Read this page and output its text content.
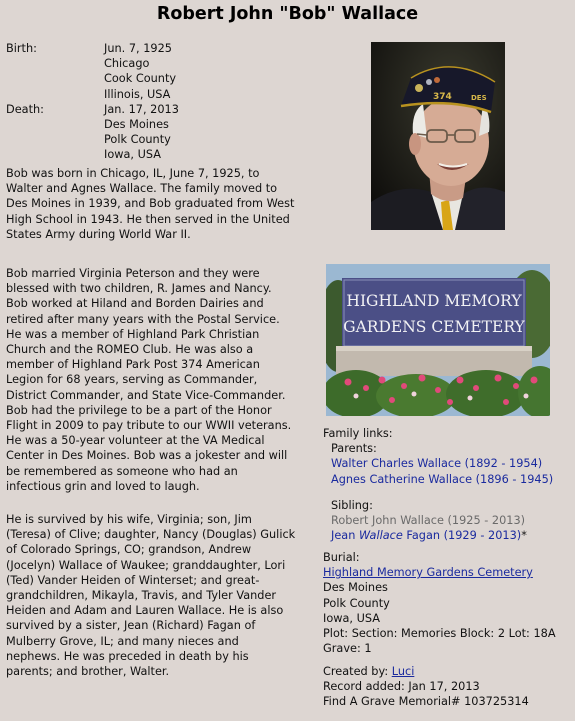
Robert John "Bob" Wallace
Birth:	Jun. 7, 1925
Chicago
Cook County
Illinois, USA
Death:	Jan. 17, 2013
Des Moines
Polk County
Iowa, USA

Bob was born in Chicago, IL, June 7, 1925, to Walter and Agnes Wallace. The family moved to Des Moines in 1939, and Bob graduated from West High School in 1943. He then served in the United States Army during World War II.

Bob married Virginia Peterson and they were blessed with two children, R. James and Nancy. Bob worked at Hiland and Borden Dairies and retired after many years with the Postal Service. He was a member of Highland Park Christian Church and the ROMEO Club. He was also a member of Highland Park Post 374 American Legion for 68 years, serving as Commander, District Commander, and State Vice-Commander. Bob had the privilege to be a part of the Honor Flight in 2009 to pay tribute to our WWII veterans. He was a 50-year volunteer at the VA Medical Center in Des Moines. Bob was a jokester and will be remembered as someone who had an infectious grin and loved to laugh.

He is survived by his wife, Virginia; son, Jim (Teresa) of Clive; daughter, Nancy (Douglas) Gulick of Colorado Springs, CO; grandson, Andrew (Jocelyn) Wallace of Waukee; granddaughter, Lori (Ted) Vander Heiden of Winterset; and great-grandchildren, Mikayla, Travis, and Tyler Vander Heiden and Adam and Lauren Wallace. He is also survived by a sister, Jean (Richard) Fagan of Mulberry Grove, IL; and many nieces and nephews. He was preceded in death by his parents; and brother, Walter.

374	DES
HIGHLAND MEMORY
GARDENS CEMETERY
Family links:
Parents:
Walter Charles Wallace (1892 - 1954)
Agnes Catherine Wallace (1896 - 1945)
Sibling:
Robert John Wallace (1925 - 2013)
Jean Wallace Fagan (1929 - 2013)*
Burial:
Highland Memory Gardens Cemetery
Des Moines
Polk County
Iowa, USA
Plot: Section: Memories Block: 2 Lot: 18A
Grave: 1
Created by: Luci
Record added: Jan 17, 2013
Find A Grave Memorial# 103725314
